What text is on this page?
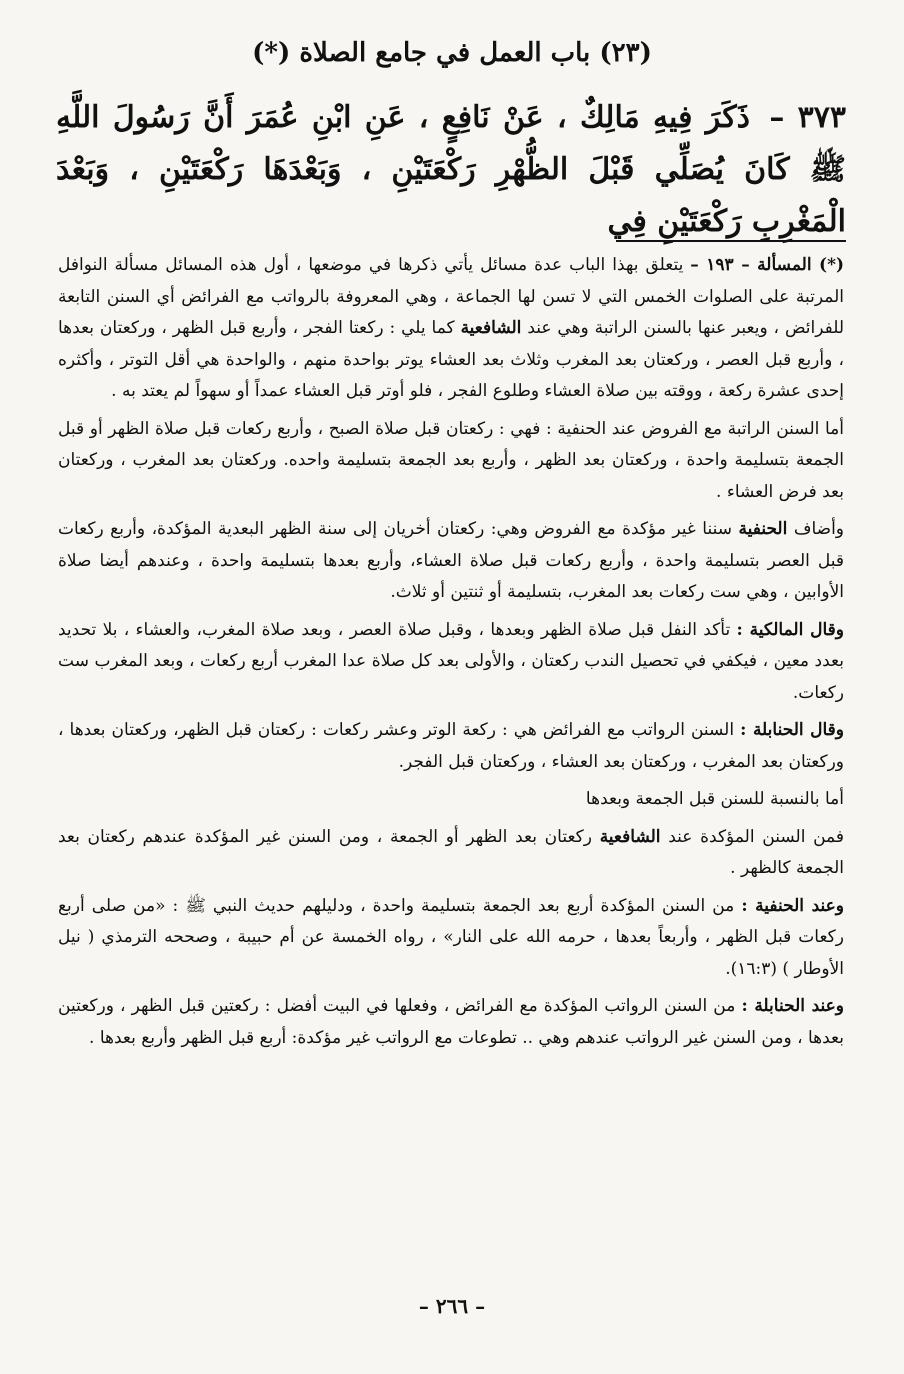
(٢٣) باب العمل في جامع الصلاة (*)
٣٧٣ – ذَكَرَ فِيهِ مَالِكٌ ، عَنْ نَافِعٍ ، عَنِ ابْنِ عُمَرَ أَنَّ رَسُولَ اللَّهِ ﷺ كَانَ يُصَلِّي قَبْلَ الظُّهْرِ رَكْعَتَيْنِ ، وَبَعْدَهَا رَكْعَتَيْنِ ، وَبَعْدَ الْمَغْرِبِ رَكْعَتَيْنِ فِي

(*) المسألة – ١٩٣ – يتعلق بهذا الباب عدة مسائل يأتي ذكرها في موضعها ، أول هذه المسائل مسألة النوافل المرتبة على الصلوات الخمس التي لا تسن لها الجماعة ، وهي المعروفة بالرواتب مع الفرائض أي السنن التابعة للفرائض ، ويعبر عنها بالسنن الراتبة وهي عند الشافعية كما يلي : ركعتا الفجر ، وأربع قبل الظهر ، وركعتان بعدها ، وأربع قبل العصر ، وركعتان بعد المغرب وثلاث بعد العشاء يوتر بواحدة منهم ، والواحدة هي أقل التوتر ، وأكثره إحدى عشرة ركعة ، ووقته بين صلاة العشاء وطلوع الفجر ، فلو أوتر قبل العشاء عمداً أو سهواً لم يعتد به .

أما السنن الراتبة مع الفروض عند الحنفية : فهي : ركعتان قبل صلاة الصبح ، وأربع ركعات قبل صلاة الظهر أو قبل الجمعة بتسليمة واحدة ، وركعتان بعد الظهر ، وأربع بعد الجمعة بتسليمة واحده. وركعتان بعد المغرب ، وركعتان بعد فرض العشاء .

وأضاف الحنفية سننا غير مؤكدة مع الفروض وهي: ركعتان أخريان إلى سنة الظهر البعدية المؤكدة، وأربع ركعات قبل العصر بتسليمة واحدة ، وأربع ركعات قبل صلاة العشاء، وأربع بعدها بتسليمة واحدة ، وعندهم أيضا صلاة الأوابين ، وهي ست ركعات بعد المغرب، بتسليمة أو ثنتين أو ثلاث.

وقال المالكية : تأكد النفل قبل صلاة الظهر وبعدها ، وقبل صلاة العصر ، وبعد صلاة المغرب، والعشاء ، بلا تحديد بعدد معين ، فيكفي في تحصيل الندب ركعتان ، والأولى بعد كل صلاة عدا المغرب أربع ركعات ، وبعد المغرب ست ركعات.

وقال الحنابلة : السنن الرواتب مع الفرائض هي : ركعة الوتر وعشر ركعات : ركعتان قبل الظهر، وركعتان بعدها ، وركعتان بعد المغرب ، وركعتان بعد العشاء ، وركعتان قبل الفجر.

أما بالنسبة للسنن قبل الجمعة وبعدها

فمن السنن المؤكدة عند الشافعية ركعتان بعد الظهر أو الجمعة ، ومن السنن غير المؤكدة عندهم ركعتان بعد الجمعة كالظهر .

وعند الحنفية : من السنن المؤكدة أربع بعد الجمعة بتسليمة واحدة ، ودليلهم حديث النبي ﷺ : «من صلى أربع ركعات قبل الظهر ، وأربعاً بعدها ، حرمه الله على النار» ، رواه الخمسة عن أم حبيبة ، وصححه الترمذي ( نيل الأوطار ) (١٦:٣).

وعند الحنابلة : من السنن الرواتب المؤكدة مع الفرائض ، وفعلها في البيت أفضل : ركعتين قبل الظهر ، وركعتين بعدها ، ومن السنن غير الرواتب عندهم وهي .. تطوعات مع الرواتب غير مؤكدة: أربع قبل الظهر وأربع بعدها .

– ٢٦٦ –
